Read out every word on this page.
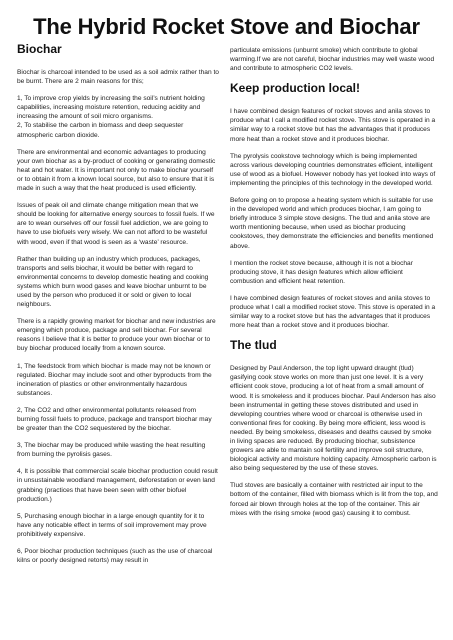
The Hybrid Rocket Stove and Biochar
Biochar

Biochar is charcoal intended to be used as a soil admix rather than to be burnt. There are 2 main reasons for this;

1, To improve crop yields by increasing the soil’s nutrient holding capabilities, increasing moisture retention, reducing acidity and increasing the amount of soil micro organisms.
2, To stabilise the carbon in biomass and deep sequester atmospheric carbon dioxide.

There are environmental and economic advantages to producing your own biochar as a by-product of cooking or generating domestic heat and hot water. It is important not only to make biochar yourself or to obtain it from a known local source, but also to ensure that it is made in such a way that the heat produced is used efficiently.

Issues of peak oil and climate change mitigation mean that we should be looking for alternative energy sources to fossil fuels. If we are to wean ourselves off our fossil fuel addiction, we are going to have to use biofuels very wisely. We can not afford to be wasteful with wood, even if that wood is seen as a ‘waste’ resource.

Rather than building up an industry which produces, packages, transports and sells biochar, it would be better with regard to environmental concerns to develop domestic heating and cooking systems which burn wood gases and leave biochar unburnt to be used by the person who produced it or sold or given to local neighbours.

There is a rapidly growing market for biochar and new industries are emerging which produce, package and sell biochar. For several reasons I believe that it is better to produce your own biochar or to buy biochar produced locally from a known source.

1, The feedstock from which biochar is made may not be known or regulated. Biochar may include soot and other byproducts from the incineration of plastics or other environmentally hazardous substances.

2, The CO2 and other environmental pollutants released from burning fossil fuels to produce, package and transport biochar may be greater than the CO2 sequestered by the biochar.

3, The biochar may be produced while wasting the heat resulting from burning the pyrolisis gases.

4, It is possible that commercial scale biochar production could result in unsustainable woodland management, deforestation or even land grabbing (practices that have been seen with other biofuel production.)

5, Purchasing enough biochar in a large enough quantity for it to have any noticable effect in terms of soil improvement may prove prohibitively expensive.

6, Poor biochar production techniques (such as the use of charcoal kilns or poorly designed retorts) may result in

particulate emissions (unburnt smoke) which contribute to global warming.If we are not careful, biochar industries may well waste wood and contribute to atmospheric CO2 levels.

Keep production local!

I have combined design features of rocket stoves and anila stoves to produce what I call a modified rocket stove. This stove is operated in a similar way to a rocket stove but has the advantages that it produces more heat than a rocket stove and it produces biochar.

The pyrolysis cookstove technology which is being implemented across various developing countries demonstrates efficient, intelligent use of wood as a biofuel. However nobody has yet looked into ways of implementing the principles of this technology in the developed world.

Before going on to propose a heating system which is suitable for use in the developed world and which produces biochar, I am going to briefly introduce 3 simple stove designs. The tlud and anila stove are worth mentioning because, when used as biochar producing cookstoves, they demonstrate the efficiencies and benefits mentioned above.

I mention the rocket stove because, although it is not a biochar producing stove, it has design features which allow efficient combustion and efficient heat retention.

I have combined design features of rocket stoves and anila stoves to produce what I call a modified rocket stove. This stove is operated in a similar way to a rocket stove but has the advantages that it produces more heat than a rocket stove and it produces biochar.

The tlud

Designed by Paul Anderson, the top light upward draught (tlud) gasifying cook stove works on more than just one level. It is a very efficient cook stove, producing a lot of heat from a small amount of wood. It is smokeless and it produces biochar. Paul Anderson has also been instrumental in getting these stoves distributed and used in developing countries where wood or charcoal is otherwise used in conventional fires for cooking. By being more efficient, less wood is needed. By being smokeless, diseases and deaths caused by smoke in living spaces are reduced. By producing biochar, subsistence growers are able to mantain soil fertility and improve soil structure, biological activity and moisture holding capacity. Atmospheric carbon is also being sequestered by the use of these stoves.

Tlud stoves are basically a container with restricted air input to the bottom of the container, filled with biomass which is lit from the top, and forced air blown through holes at the top of the container. This air mixes with the rising smoke (wood gas) causing it to combust.
